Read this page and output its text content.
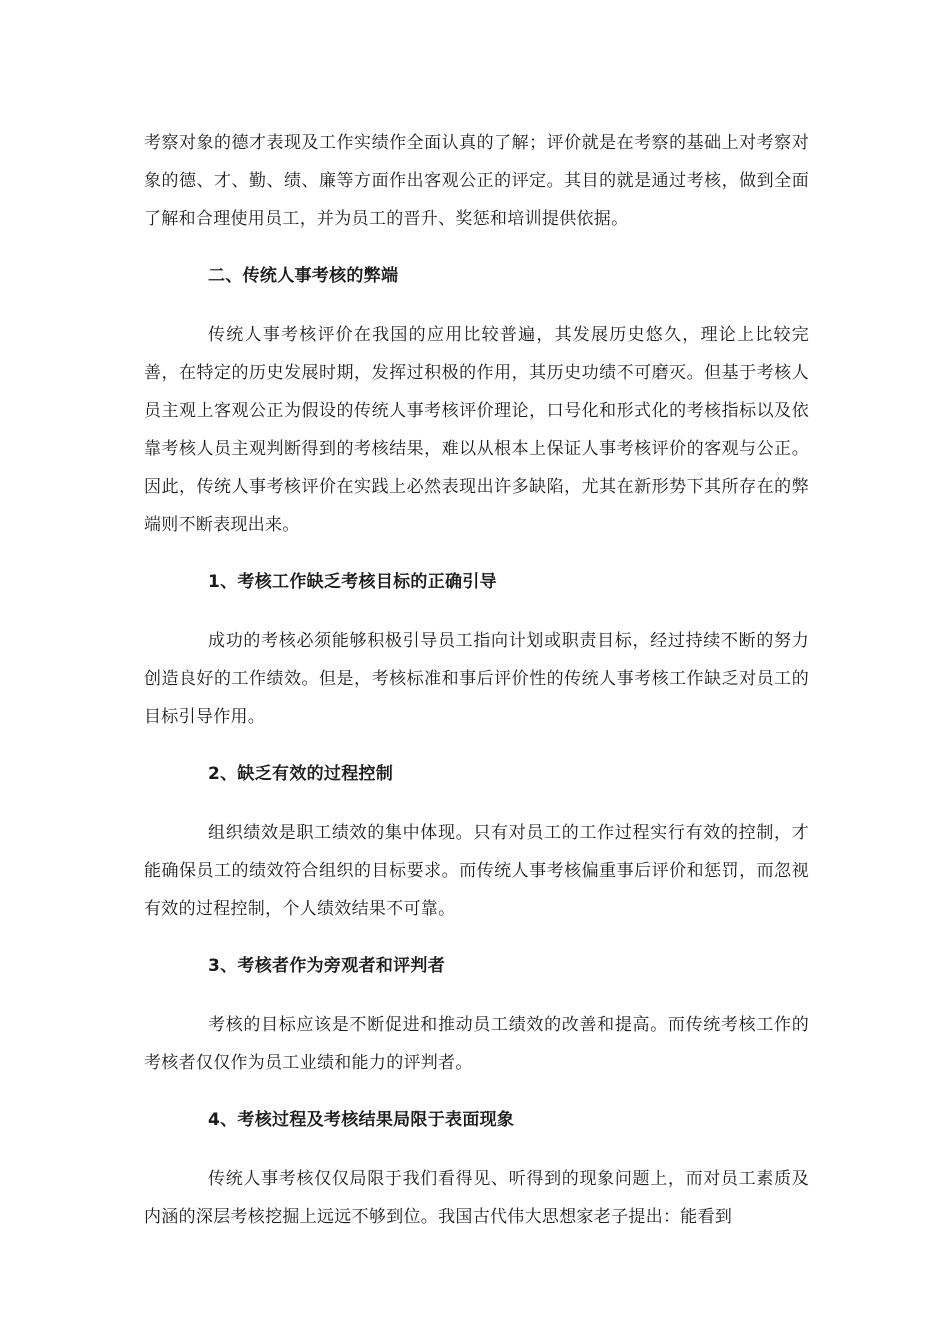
考察对象的德才表现及工作实绩作全面认真的了解；评价就是在考察的基础上对考察对象的德、才、勤、绩、廉等方面作出客观公正的评定。其目的就是通过考核，做到全面了解和合理使用员工，并为员工的晋升、奖惩和培训提供依据。

二、传统人事考核的弊端

传统人事考核评价在我国的应用比较普遍，其发展历史悠久，理论上比较完善，在特定的历史发展时期，发挥过积极的作用，其历史功绩不可磨灭。但基于考核人员主观上客观公正为假设的传统人事考核评价理论，口号化和形式化的考核指标以及依靠考核人员主观判断得到的考核结果，难以从根本上保证人事考核评价的客观与公正。因此，传统人事考核评价在实践上必然表现出许多缺陷，尤其在新形势下其所存在的弊端则不断表现出来。

1、考核工作缺乏考核目标的正确引导

成功的考核必须能够积极引导员工指向计划或职责目标，经过持续不断的努力创造良好的工作绩效。但是，考核标准和事后评价性的传统人事考核工作缺乏对员工的目标引导作用。

2、缺乏有效的过程控制

组织绩效是职工绩效的集中体现。只有对员工的工作过程实行有效的控制，才能确保员工的绩效符合组织的目标要求。而传统人事考核偏重事后评价和惩罚，而忽视有效的过程控制，个人绩效结果不可靠。

3、考核者作为旁观者和评判者

考核的目标应该是不断促进和推动员工绩效的改善和提高。而传统考核工作的考核者仅仅作为员工业绩和能力的评判者。

4、考核过程及考核结果局限于表面现象

传统人事考核仅仅局限于我们看得见、听得到的现象问题上，而对员工素质及内涵的深层考核挖掘上远远不够到位。我国古代伟大思想家老子提出：能看到
